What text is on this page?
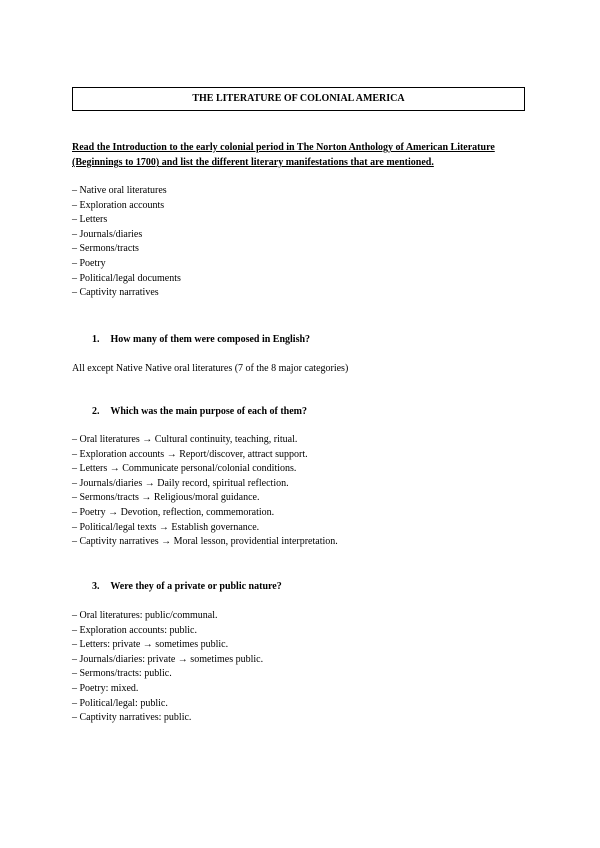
THE LITERATURE OF COLONIAL AMERICA
Read the Introduction to the early colonial period in The Norton Anthology of American Literature (Beginnings to 1700) and list the different literary manifestations that are mentioned.
– Native oral literatures
– Exploration accounts
– Letters
– Journals/diaries
– Sermons/tracts
– Poetry
– Political/legal documents
– Captivity narratives
1. How many of them were composed in English?
All except Native Native oral literatures (7 of the 8 major categories)
2. Which was the main purpose of each of them?
– Oral literatures → Cultural continuity, teaching, ritual.
– Exploration accounts → Report/discover, attract support.
– Letters → Communicate personal/colonial conditions.
– Journals/diaries → Daily record, spiritual reflection.
– Sermons/tracts → Religious/moral guidance.
– Poetry → Devotion, reflection, commemoration.
– Political/legal texts → Establish governance.
– Captivity narratives → Moral lesson, providential interpretation.
3. Were they of a private or public nature?
– Oral literatures: public/communal.
– Exploration accounts: public.
– Letters: private → sometimes public.
– Journals/diaries: private → sometimes public.
– Sermons/tracts: public.
– Poetry: mixed.
– Political/legal: public.
– Captivity narratives: public.
